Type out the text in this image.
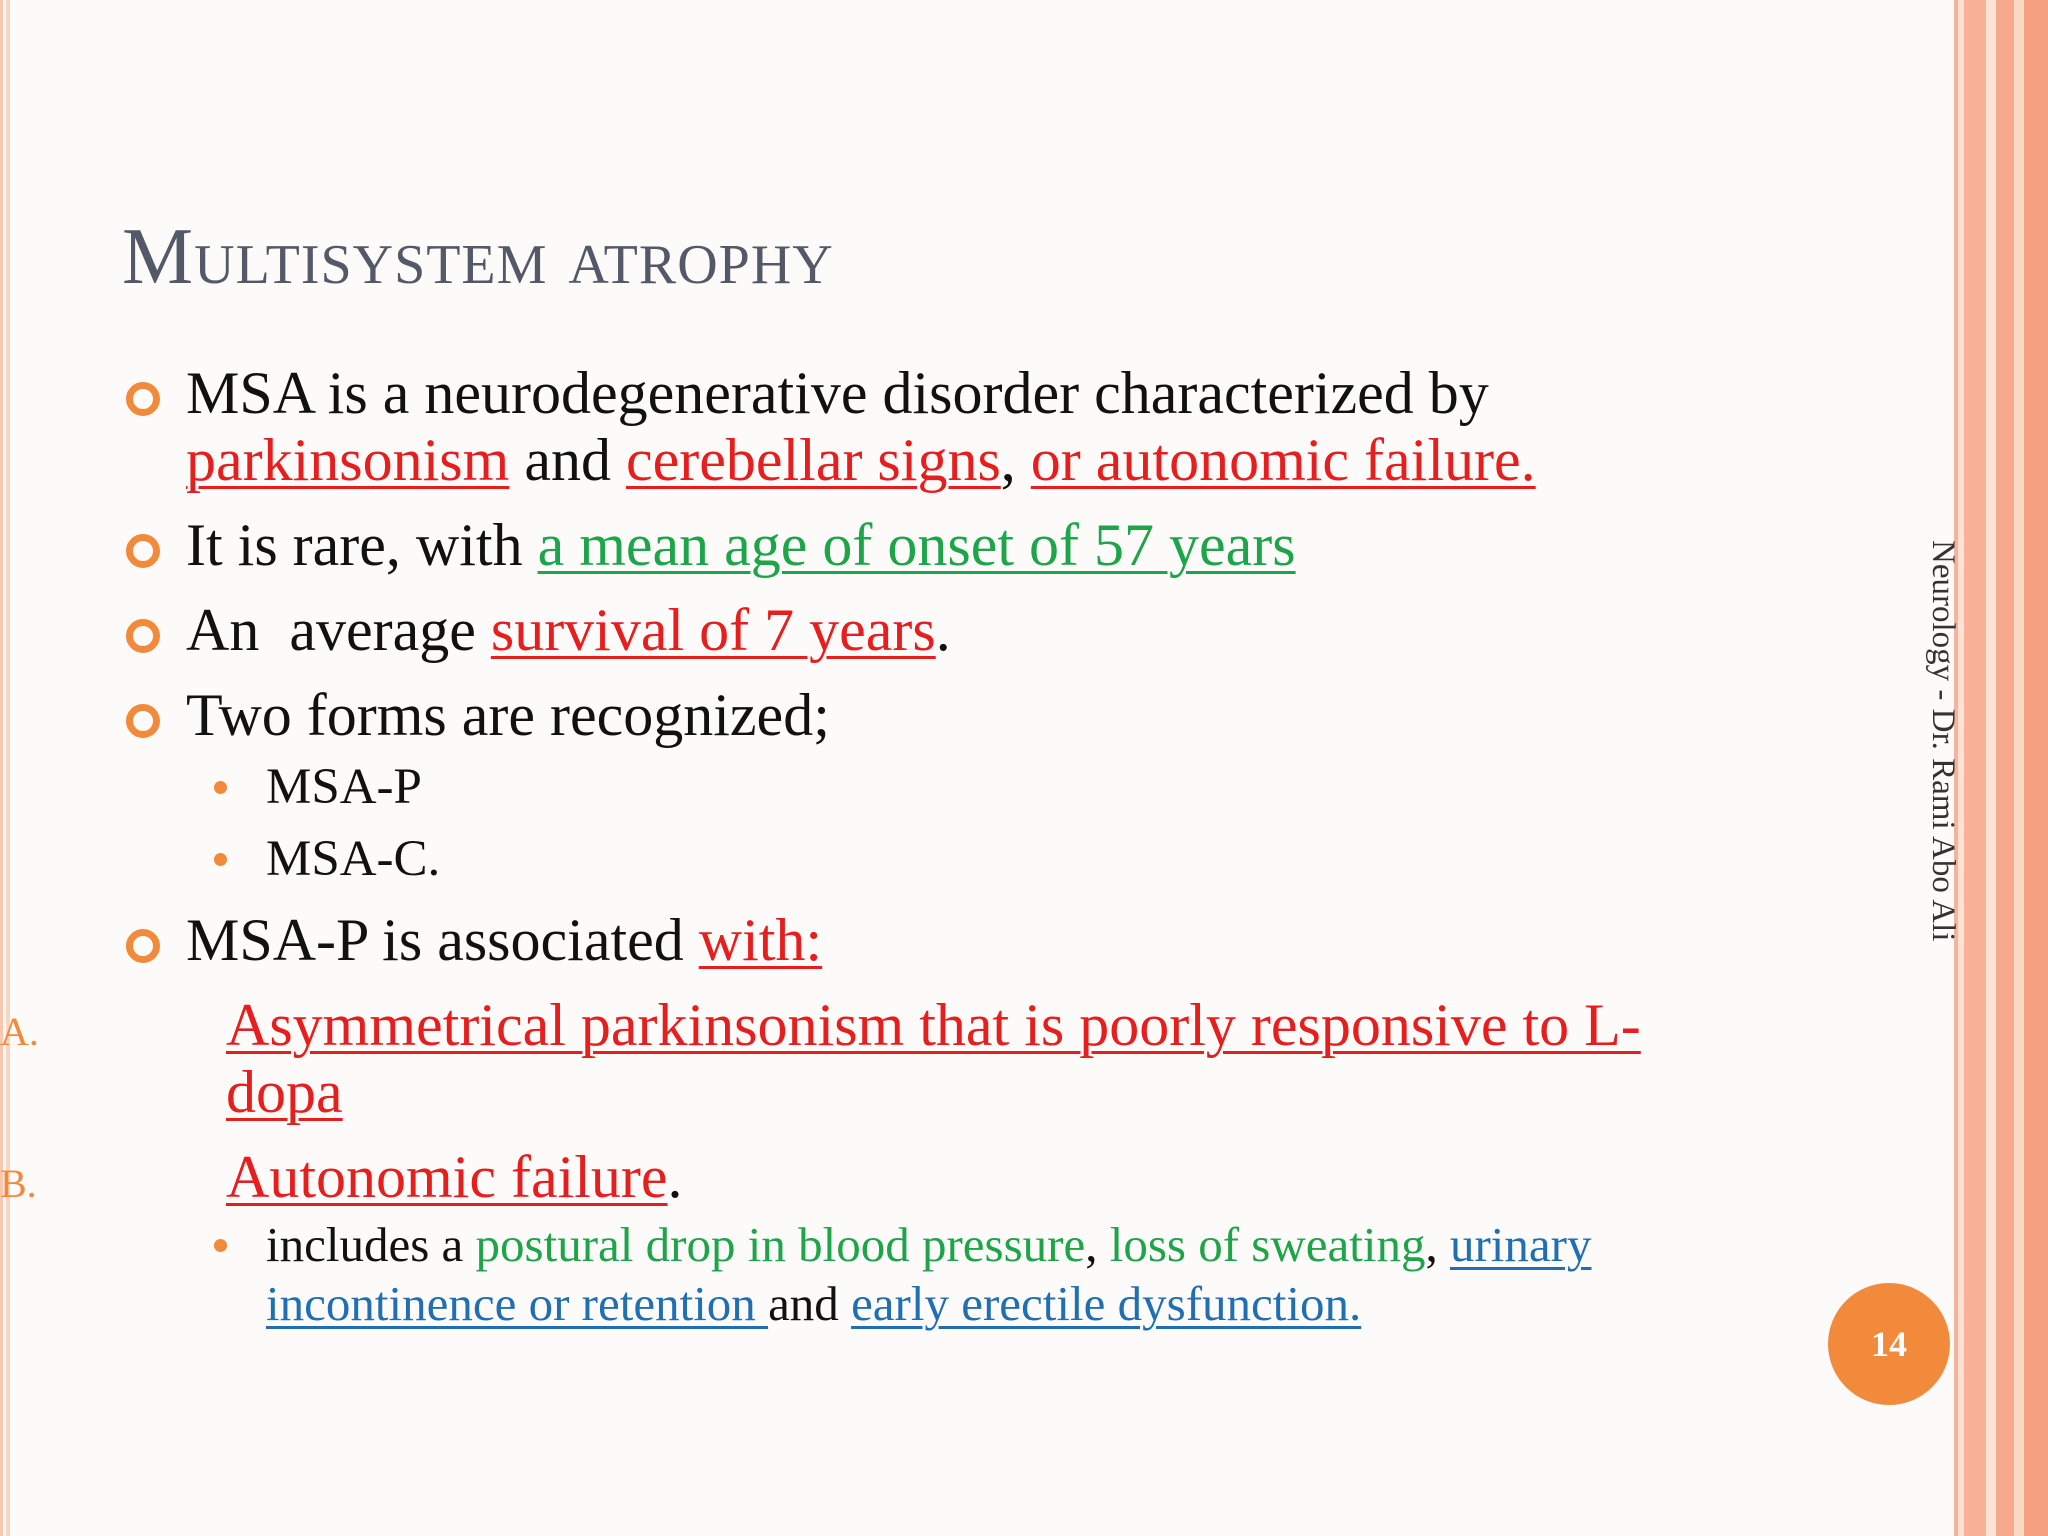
Multisystem atrophy

MSA is a neurodegenerative disorder characterized by parkinsonism and cerebellar signs, or autonomic failure.

It is rare, with a mean age of onset of 57 years

An  average survival of 7 years.

Two forms are recognized;

MSA-P

MSA-C.

MSA-P is associated with:

A.	Asymmetrical parkinsonism that is poorly responsive to L-dopa

B.	Autonomic failure.

includes a postural drop in blood pressure, loss of sweating, urinary incontinence or retention and early erectile dysfunction.

Neurology - Dr. Rami Abo Ali
14
